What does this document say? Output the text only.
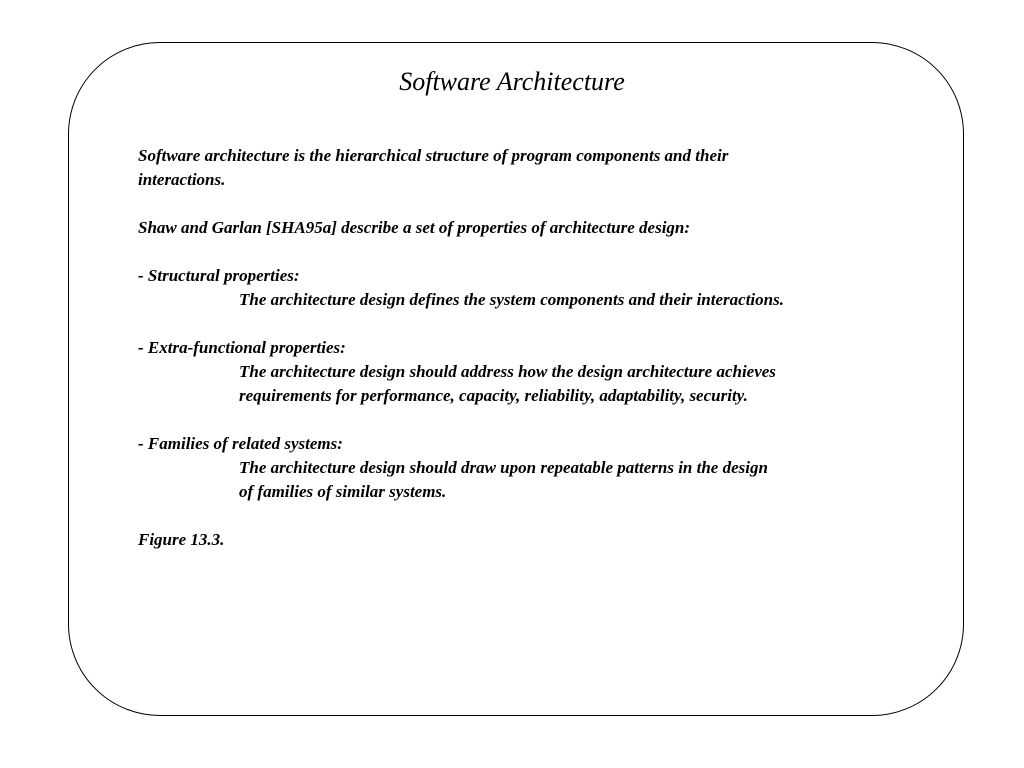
Software Architecture
Software architecture is the hierarchical structure of program components and their
interactions.
Shaw and Garlan [SHA95a] describe a set of properties of architecture design:
- Structural properties:
The architecture design defines the system components and their interactions.
- Extra-functional properties:
The architecture design should address how the design architecture achieves
requirements for performance, capacity, reliability, adaptability, security.
- Families of related systems:
The architecture design should draw upon repeatable patterns in the design
of families of similar systems.
Figure 13.3.
